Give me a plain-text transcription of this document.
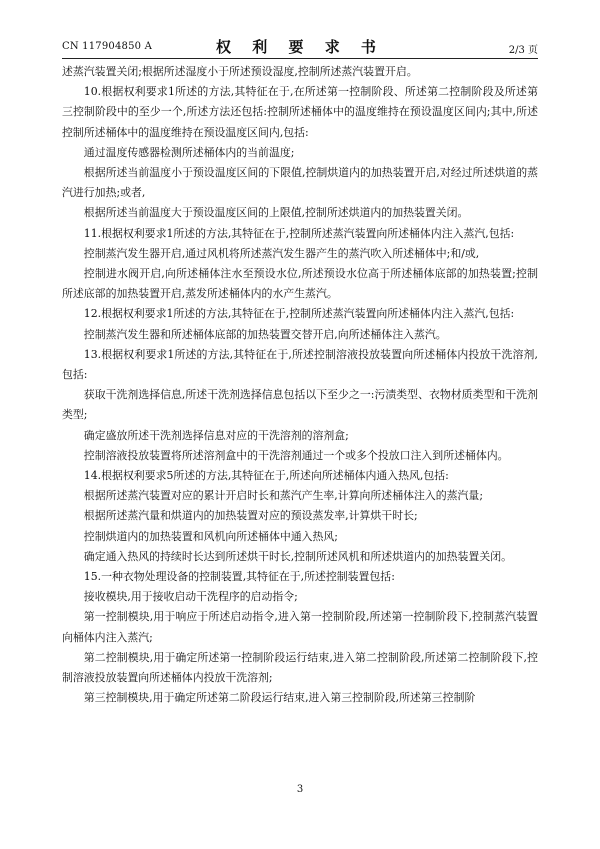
CN 117904850 A	权 利 要 求 书	2/3 页

述蒸汽装置关闭;根据所述湿度小于所述预设湿度,控制所述蒸汽装置开启。

10.根据权利要求1所述的方法,其特征在于,在所述第一控制阶段、所述第二控制阶段及所述第三控制阶段中的至少一个,所述方法还包括:控制所述桶体中的温度维持在预设温度区间内;其中,所述控制所述桶体中的温度维持在预设温度区间内,包括:

通过温度传感器检测所述桶体内的当前温度;

根据所述当前温度小于预设温度区间的下限值,控制烘道内的加热装置开启,对经过所述烘道的蒸汽进行加热;或者,

根据所述当前温度大于预设温度区间的上限值,控制所述烘道内的加热装置关闭。

11.根据权利要求1所述的方法,其特征在于,控制所述蒸汽装置向所述桶体内注入蒸汽,包括:

控制蒸汽发生器开启,通过风机将所述蒸汽发生器产生的蒸汽吹入所述桶体中;和/或,

控制进水阀开启,向所述桶体注水至预设水位,所述预设水位高于所述桶体底部的加热装置;控制所述底部的加热装置开启,蒸发所述桶体内的水产生蒸汽。

12.根据权利要求1所述的方法,其特征在于,控制所述蒸汽装置向所述桶体内注入蒸汽,包括:

控制蒸汽发生器和所述桶体底部的加热装置交替开启,向所述桶体注入蒸汽。

13.根据权利要求1所述的方法,其特征在于,所述控制溶液投放装置向所述桶体内投放干洗溶剂,包括:

获取干洗剂选择信息,所述干洗剂选择信息包括以下至少之一:污渍类型、衣物材质类型和干洗剂类型;

确定盛放所述干洗剂选择信息对应的干洗溶剂的溶剂盒;

控制溶液投放装置将所述溶剂盒中的干洗溶剂通过一个或多个投放口注入到所述桶体内。

14.根据权利要求5所述的方法,其特征在于,所述向所述桶体内通入热风,包括:

根据所述蒸汽装置对应的累计开启时长和蒸汽产生率,计算向所述桶体注入的蒸汽量;

根据所述蒸汽量和烘道内的加热装置对应的预设蒸发率,计算烘干时长;

控制烘道内的加热装置和风机向所述桶体中通入热风;

确定通入热风的持续时长达到所述烘干时长,控制所述风机和所述烘道内的加热装置关闭。

15.一种衣物处理设备的控制装置,其特征在于,所述控制装置包括:

接收模块,用于接收启动干洗程序的启动指令;

第一控制模块,用于响应于所述启动指令,进入第一控制阶段,所述第一控制阶段下,控制蒸汽装置向桶体内注入蒸汽;

第二控制模块,用于确定所述第一控制阶段运行结束,进入第二控制阶段,所述第二控制阶段下,控制溶液投放装置向所述桶体内投放干洗溶剂;

第三控制模块,用于确定所述第二阶段运行结束,进入第三控制阶段,所述第三控制阶

3
